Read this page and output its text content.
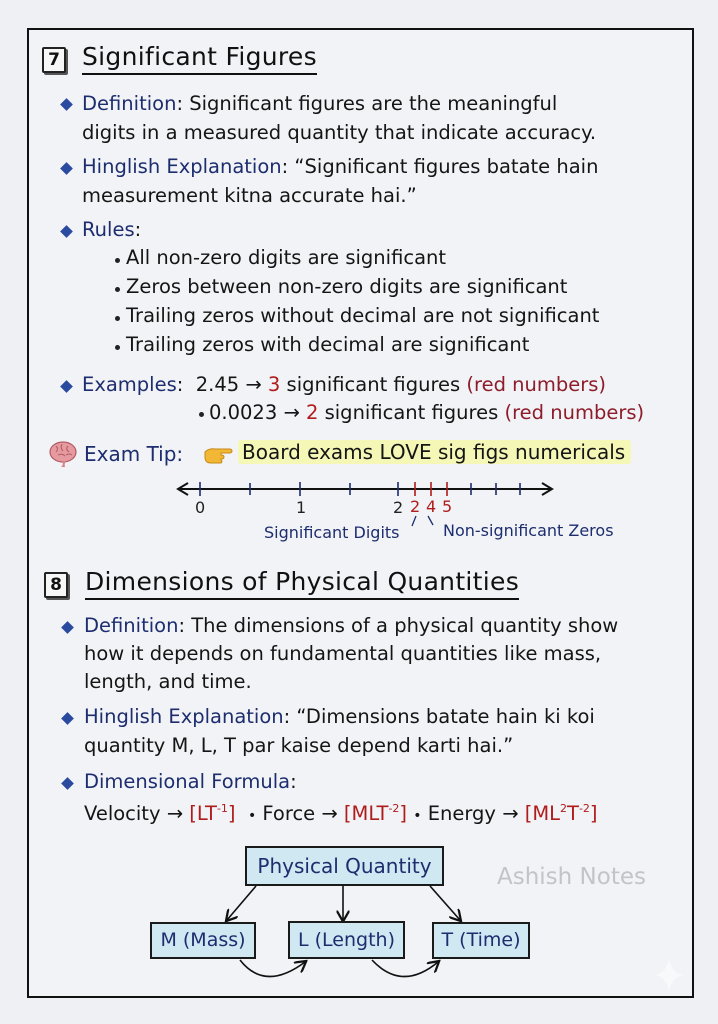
7 Significant Figures
Definition: Significant figures are the meaningful
digits in a measured quantity that indicate accuracy.
Hinglish Explanation: “Significant figures batate hain
measurement kitna accurate hai.”
Rules:
All non-zero digits are significant
Zeros between non-zero digits are significant
Trailing zeros without decimal are not significant
Trailing zeros with decimal are significant
Examples:  2.45 → 3 significant figures (red numbers)
0.0023 → 2 significant figures (red numbers)
Exam Tip:	Board exams LOVE sig figs numericals
0	1	2 2 4 5
Significant Digits	Non-significant Zeros
8 Dimensions of Physical Quantities
Definition: The dimensions of a physical quantity show
how it depends on fundamental quantities like mass,
length, and time.
Hinglish Explanation: “Dimensions batate hain ki koi
quantity M, L, T par kaise depend karti hai.”
Dimensional Formula:
Velocity → $[LT^{-1}]$ • Force → $[MLT^{-2}]$ • Energy → $[ML^2T^{-2}]$
Physical Quantity
M (Mass)	L (Length)	T (Time)
Ashish Notes
